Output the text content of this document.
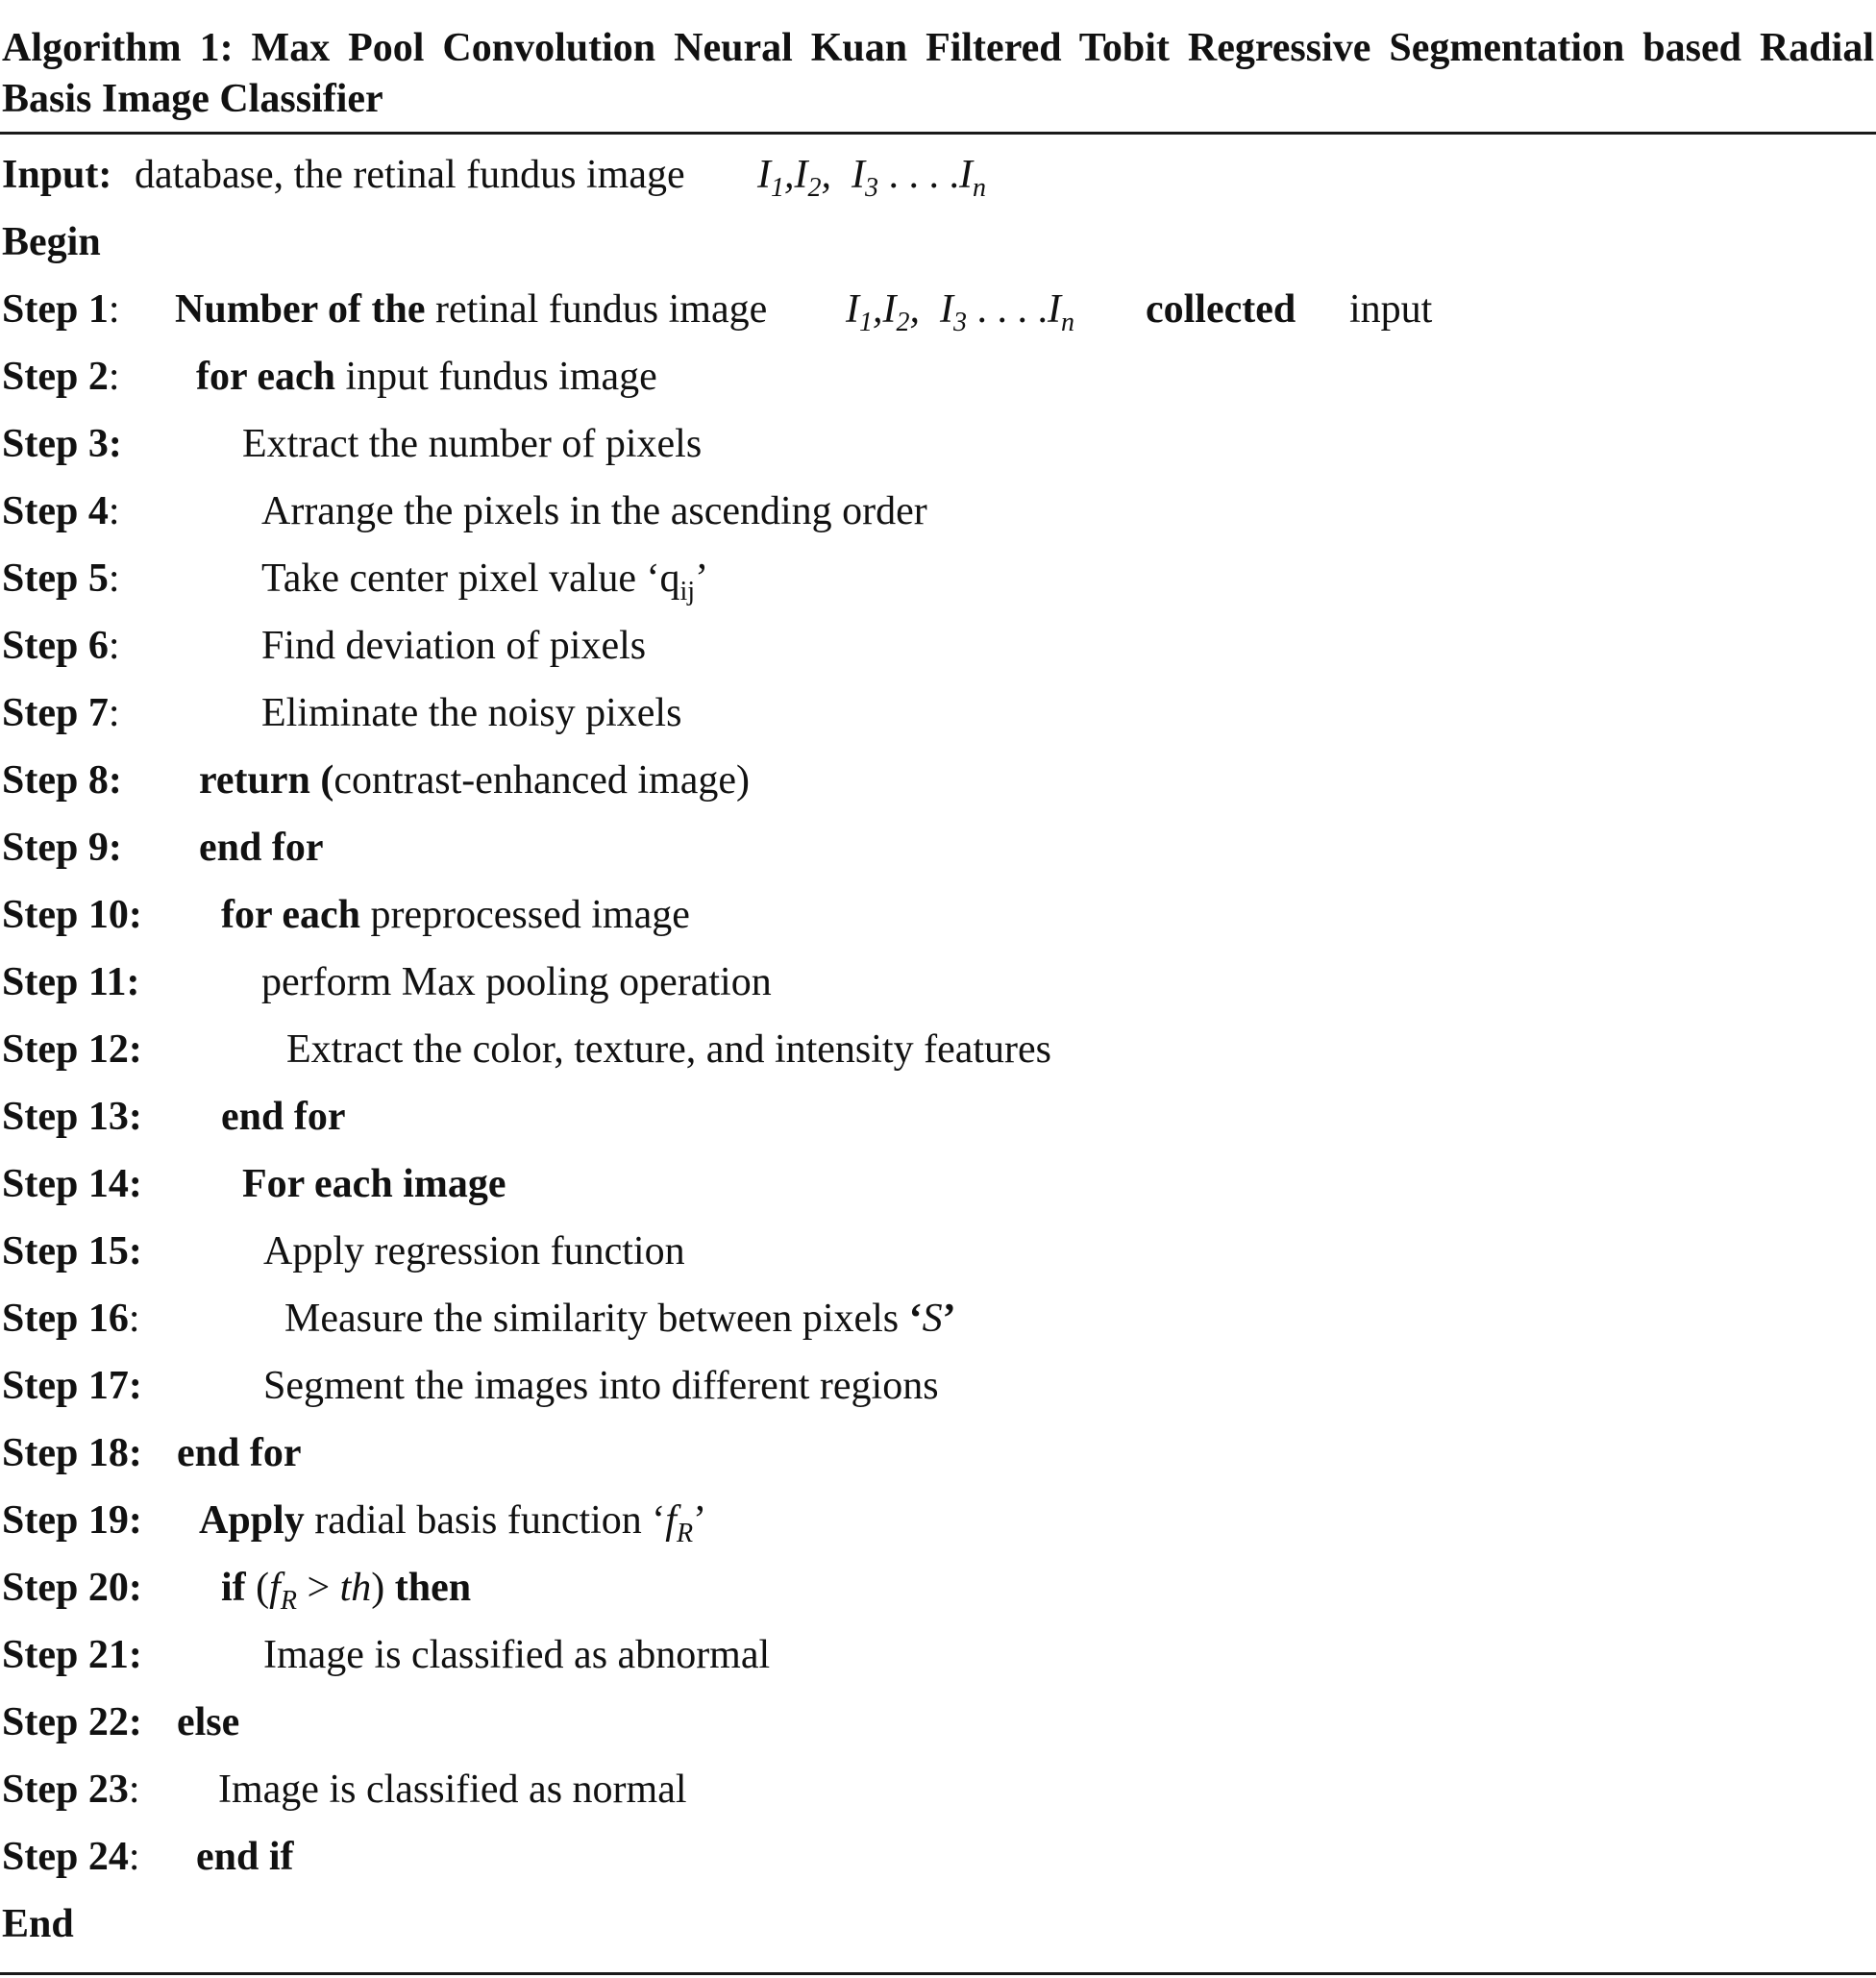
Algorithm 1: Max Pool Convolution Neural Kuan Filtered Tobit Regressive Segmentation based Radial Basis Image Classifier
Input: database, the retinal fundus image $I_1,I_2$,  $I_3$ . . . $.I_n$
Begin
Step 1: Number of the retinal fundus image $I_1,I_2$,  $I_3$ . . . $.I_n$ collected input
Step 2: for each input fundus image
Step 3:	Extract the number of pixels
Step 4:	Arrange the pixels in the ascending order
Step 5:	Take center pixel value ‘$q_{ij}$’
Step 6:	Find deviation of pixels
Step 7:	Eliminate the noisy pixels
Step 8: return (contrast-enhanced image)
Step 9: end for
Step 10: for each preprocessed image
Step 11:	perform Max pooling operation
Step 12:	Extract the color, texture, and intensity features
Step 13: end for
Step 14: For each image
Step 15:	Apply regression function
Step 16:	Measure the similarity between pixels ‘S’
Step 17:	Segment the images into different regions
Step 18: end for
Step 19: Apply radial basis function ‘$f_R$’
Step 20: if $(f_R > th)$ then
Step 21:	Image is classified as abnormal
Step 22: else
Step 23: Image is classified as normal
Step 24: end if
End
